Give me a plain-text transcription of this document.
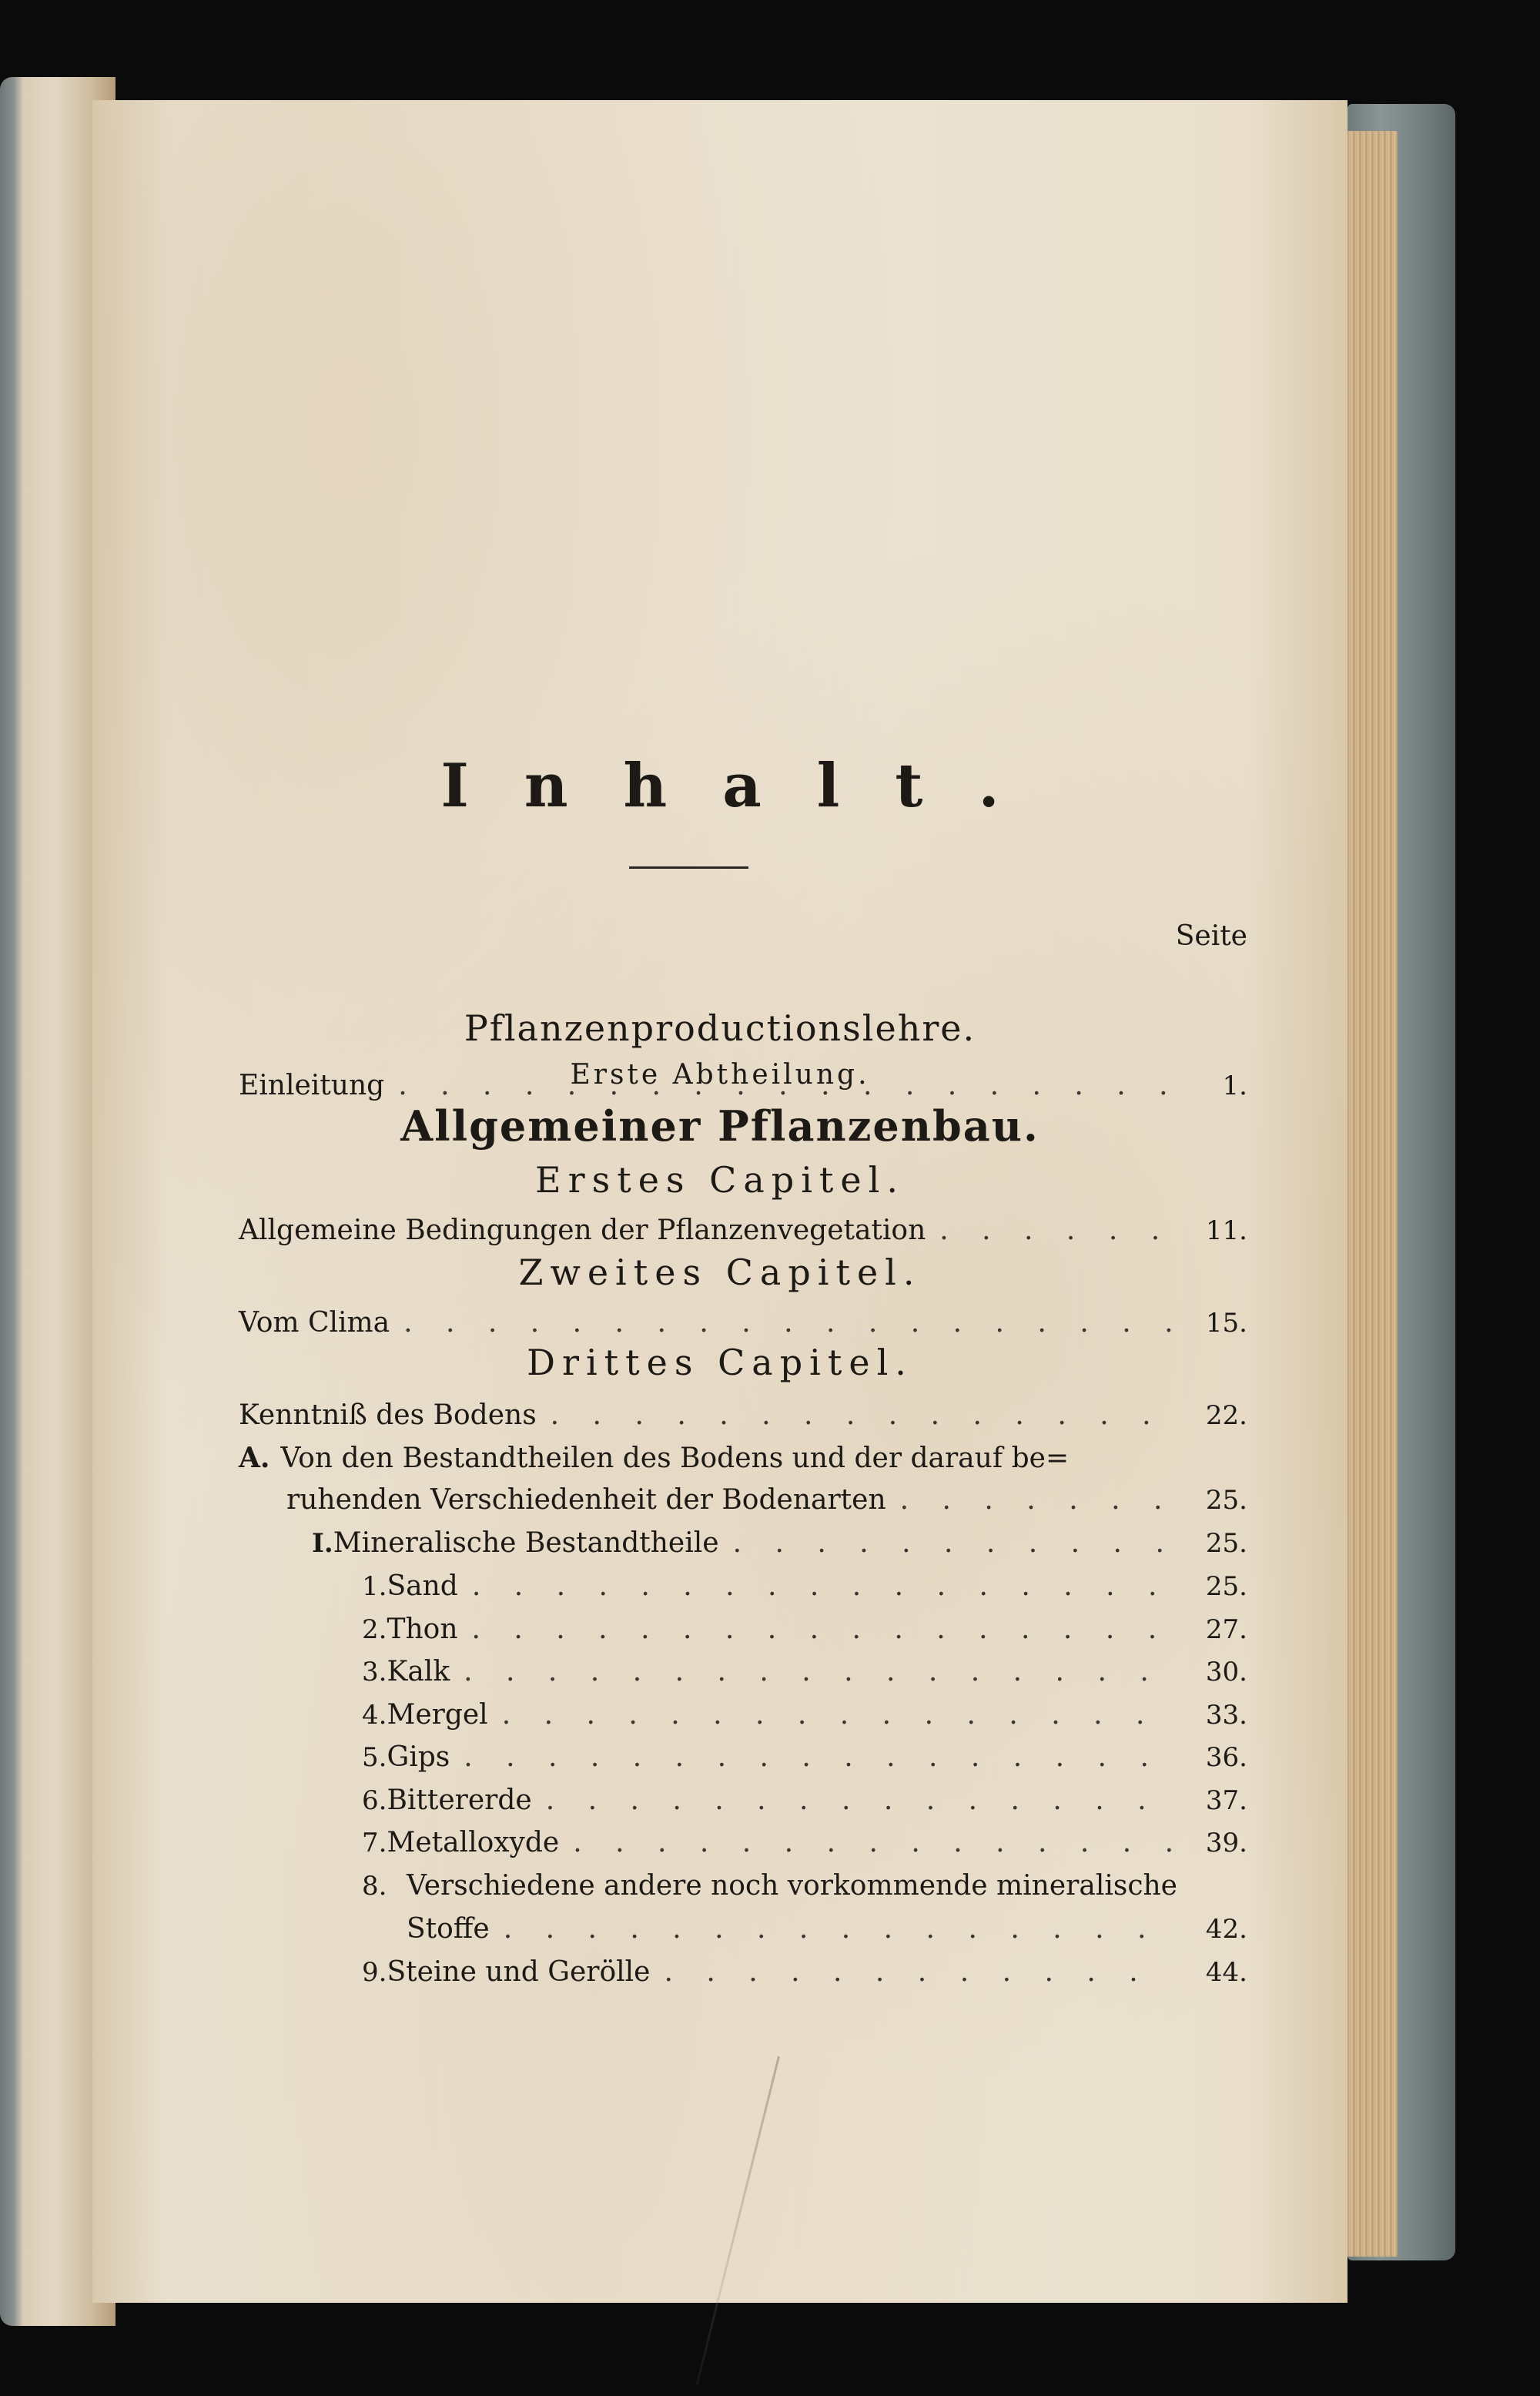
Inhalt.
Seite
Einleitung . . .	1.
Pflanzenproductionslehre.
Erste Abtheilung.
Allgemeiner Pflanzenbau.
Erstes Capitel.
Allgemeine Bedingungen der Pflanzenvegetation . . .	11.
Zweites Capitel.
Vom Clima . . .	15.
Drittes Capitel.
Kenntniß des Bodens . . .	22.
A. Von den Bestandtheilen des Bodens und der darauf be=
ruhenden Verschiedenheit der Bodenarten . . .	25.
I. Mineralische Bestandtheile . . .	25.
1. Sand . . .	25.
2. Thon . . .	27.
3. Kalk . . .	30.
4. Mergel . . .	33.
5. Gips . . .	36.
6. Bittererde . . .	37.
7. Metalloxyde . . .	39.
8. Verschiedene andere noch vorkommende mineralische
Stoffe . . .	42.
9. Steine und Gerölle . . .	44.
